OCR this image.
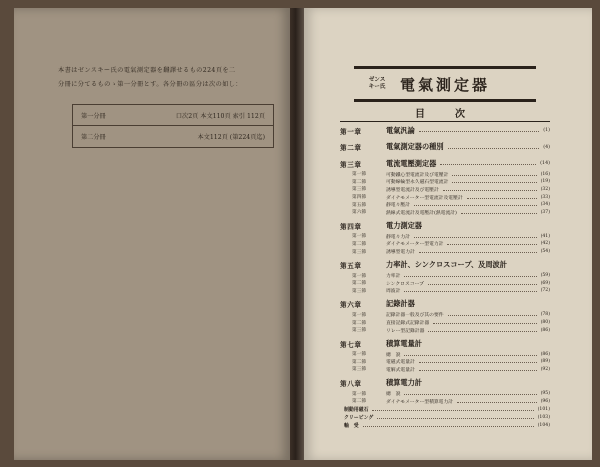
本書はゼンスキー氏の電氣測定器を飜譯せるもの224頁を二
分冊に分てるものゝ第一分冊とす。各分冊の區分は次の如し：
第一分冊	口次2頁 本文110頁 索引 112頁
第二分冊	本文112頁 (第224頁迄)
ゼンス
キー氏 電氣測定器
目　次
第一章	電氣汎論	(1)
第二章	電氣測定器の種別	(4)
第三章	電流電壓測定器	(14)
第一節	可動鐵心型電流計及び電壓計	(16)
第二節	可動線輪型永久磁石型電流計	(19)
第三節	誘導型電流計及び電壓計	(32)
第四節	ダイナモメーター型電流計及電壓計	(33)
第五節	靜電々壓計	(34)
第六節	熱線式電流計及電壓計(熱電流計)	(37)
第四章	電力測定器
第一節	靜電々力計	(41)
第二節	ダイナモメーター型電力計	(42)
第三節	誘導型電力計	(54)
第五章	力率計、シンクロスコープ、及周波計
第一節	力率計	(59)
第二節	シンクロスコープ	(69)
第三節	周波計	(72)
第六章	記錄計器
第一節	記錄計器一般及び其の要件	(78)
第二節	直接記錄式記錄計器	(80)
第三節	リレー型記錄計器	(86)
第七章	積算電量計
第一節	總　說	(86)
第二節	電磁式電量計	(89)
第三節	電解式電量計	(92)
第八章	積算電力計
第一節	總　說	(95)
第二節	ダイナモメーター型積算電力計	(96)
制動用磁石	(101)
クリーピング	(103)
軸　受	(104)
